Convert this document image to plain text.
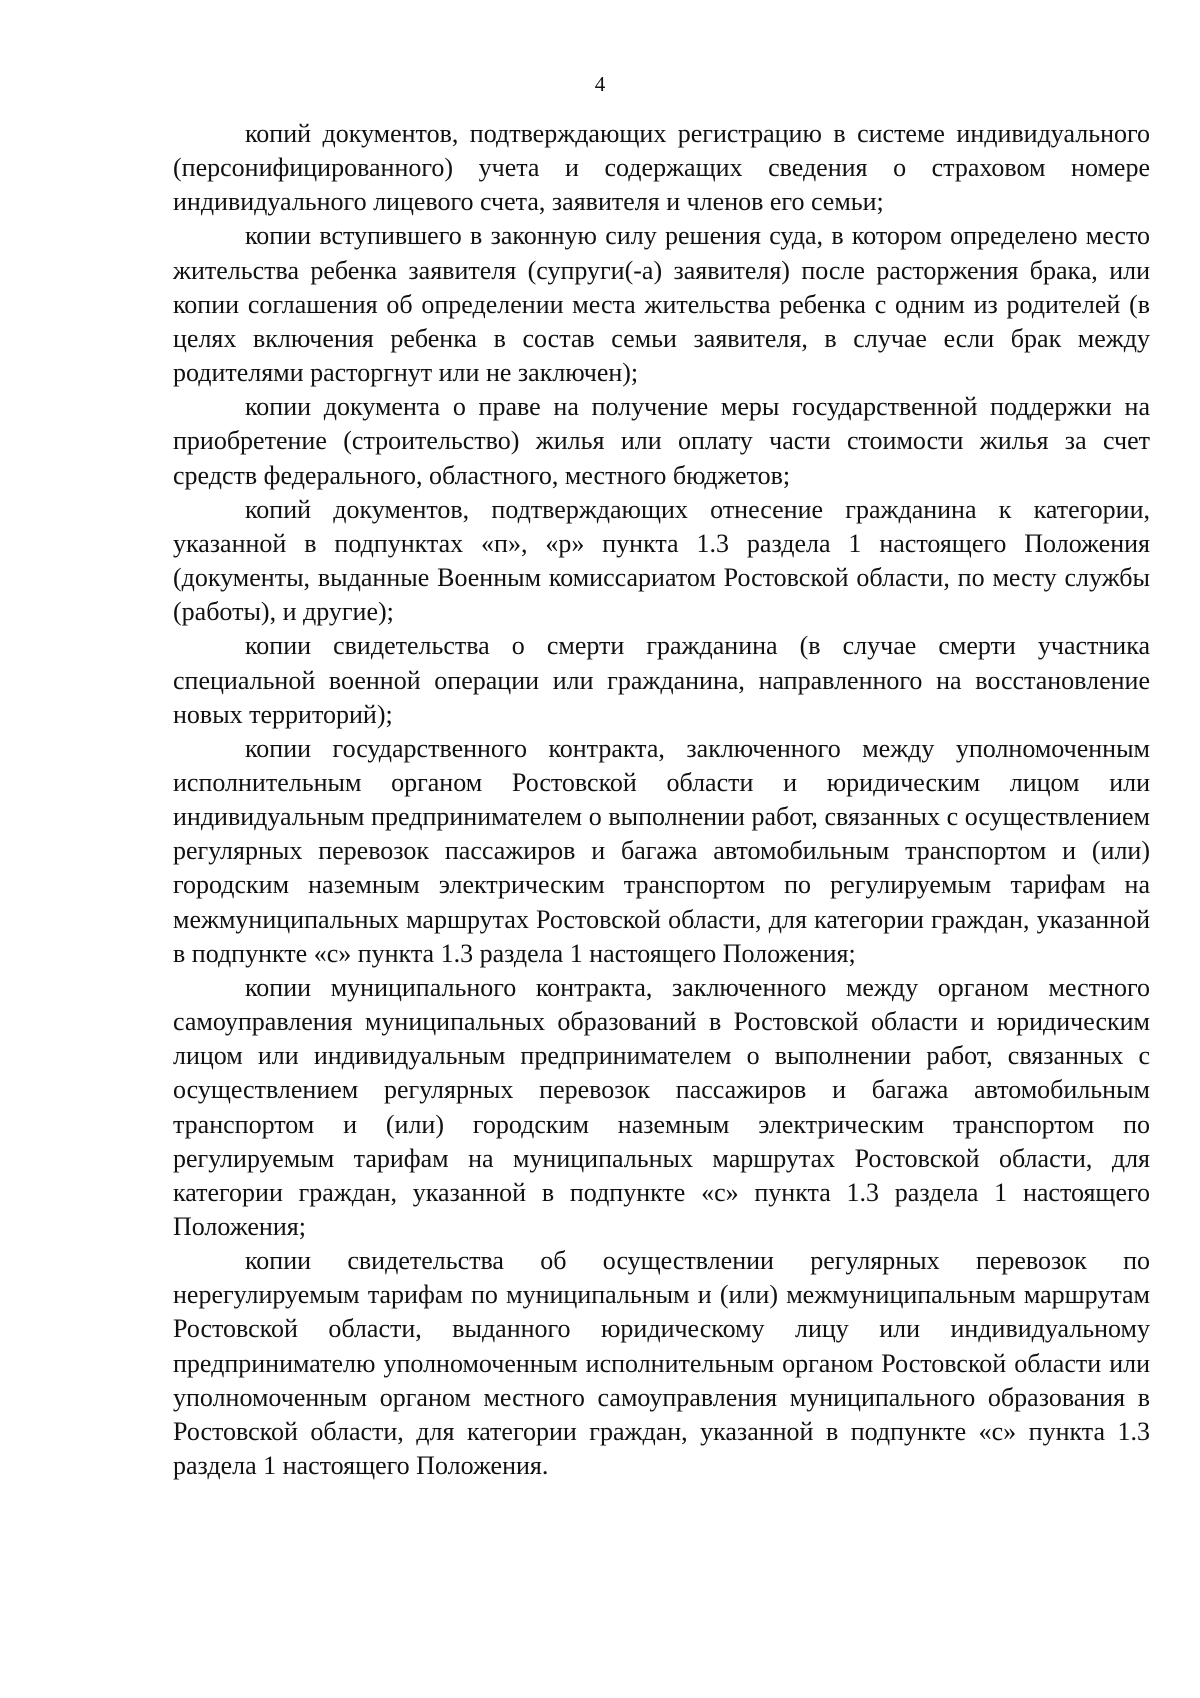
4

копий документов, подтверждающих регистрацию в системе индивидуального (персонифицированного) учета и содержащих сведения о страховом номере индивидуального лицевого счета, заявителя и членов его семьи;

копии вступившего в законную силу решения суда, в котором определено место жительства ребенка заявителя (супруги(-а) заявителя) после расторжения брака, или копии соглашения об определении места жительства ребенка с одним из родителей (в целях включения ребенка в состав семьи заявителя, в случае если брак между родителями расторгнут или не заключен);

копии документа о праве на получение меры государственной поддержки на приобретение (строительство) жилья или оплату части стоимости жилья за счет средств федерального, областного, местного бюджетов;

копий документов, подтверждающих отнесение гражданина к категории, указанной в подпунктах «п», «р» пункта 1.3 раздела 1 настоящего Положения (документы, выданные Военным комиссариатом Ростовской области, по месту службы (работы), и другие);

копии свидетельства о смерти гражданина (в случае смерти участника специальной военной операции или гражданина, направленного на восстановление новых территорий);

копии государственного контракта, заключенного между уполномоченным исполнительным органом Ростовской области и юридическим лицом или индивидуальным предпринимателем о выполнении работ, связанных с осуществлением регулярных перевозок пассажиров и багажа автомобильным транспортом и (или) городским наземным электрическим транспортом по регулируемым тарифам на межмуниципальных маршрутах Ростовской области, для категории граждан, указанной в подпункте «с» пункта 1.3 раздела 1 настоящего Положения;

копии муниципального контракта, заключенного между органом местного самоуправления муниципальных образований в Ростовской области и юридическим лицом или индивидуальным предпринимателем о выполнении работ, связанных с осуществлением регулярных перевозок пассажиров и багажа автомобильным транспортом и (или) городским наземным электрическим транспортом по регулируемым тарифам на муниципальных маршрутах Ростовской области, для категории граждан, указанной в подпункте «с» пункта 1.3 раздела 1 настоящего Положения;

копии свидетельства об осуществлении регулярных перевозок по нерегулируемым тарифам по муниципальным и (или) межмуниципальным маршрутам Ростовской области, выданного юридическому лицу или индивидуальному предпринимателю уполномоченным исполнительным органом Ростовской области или уполномоченным органом местного самоуправления муниципального образования в Ростовской области, для категории граждан, указанной в подпункте «с» пункта 1.3 раздела 1 настоящего Положения.
